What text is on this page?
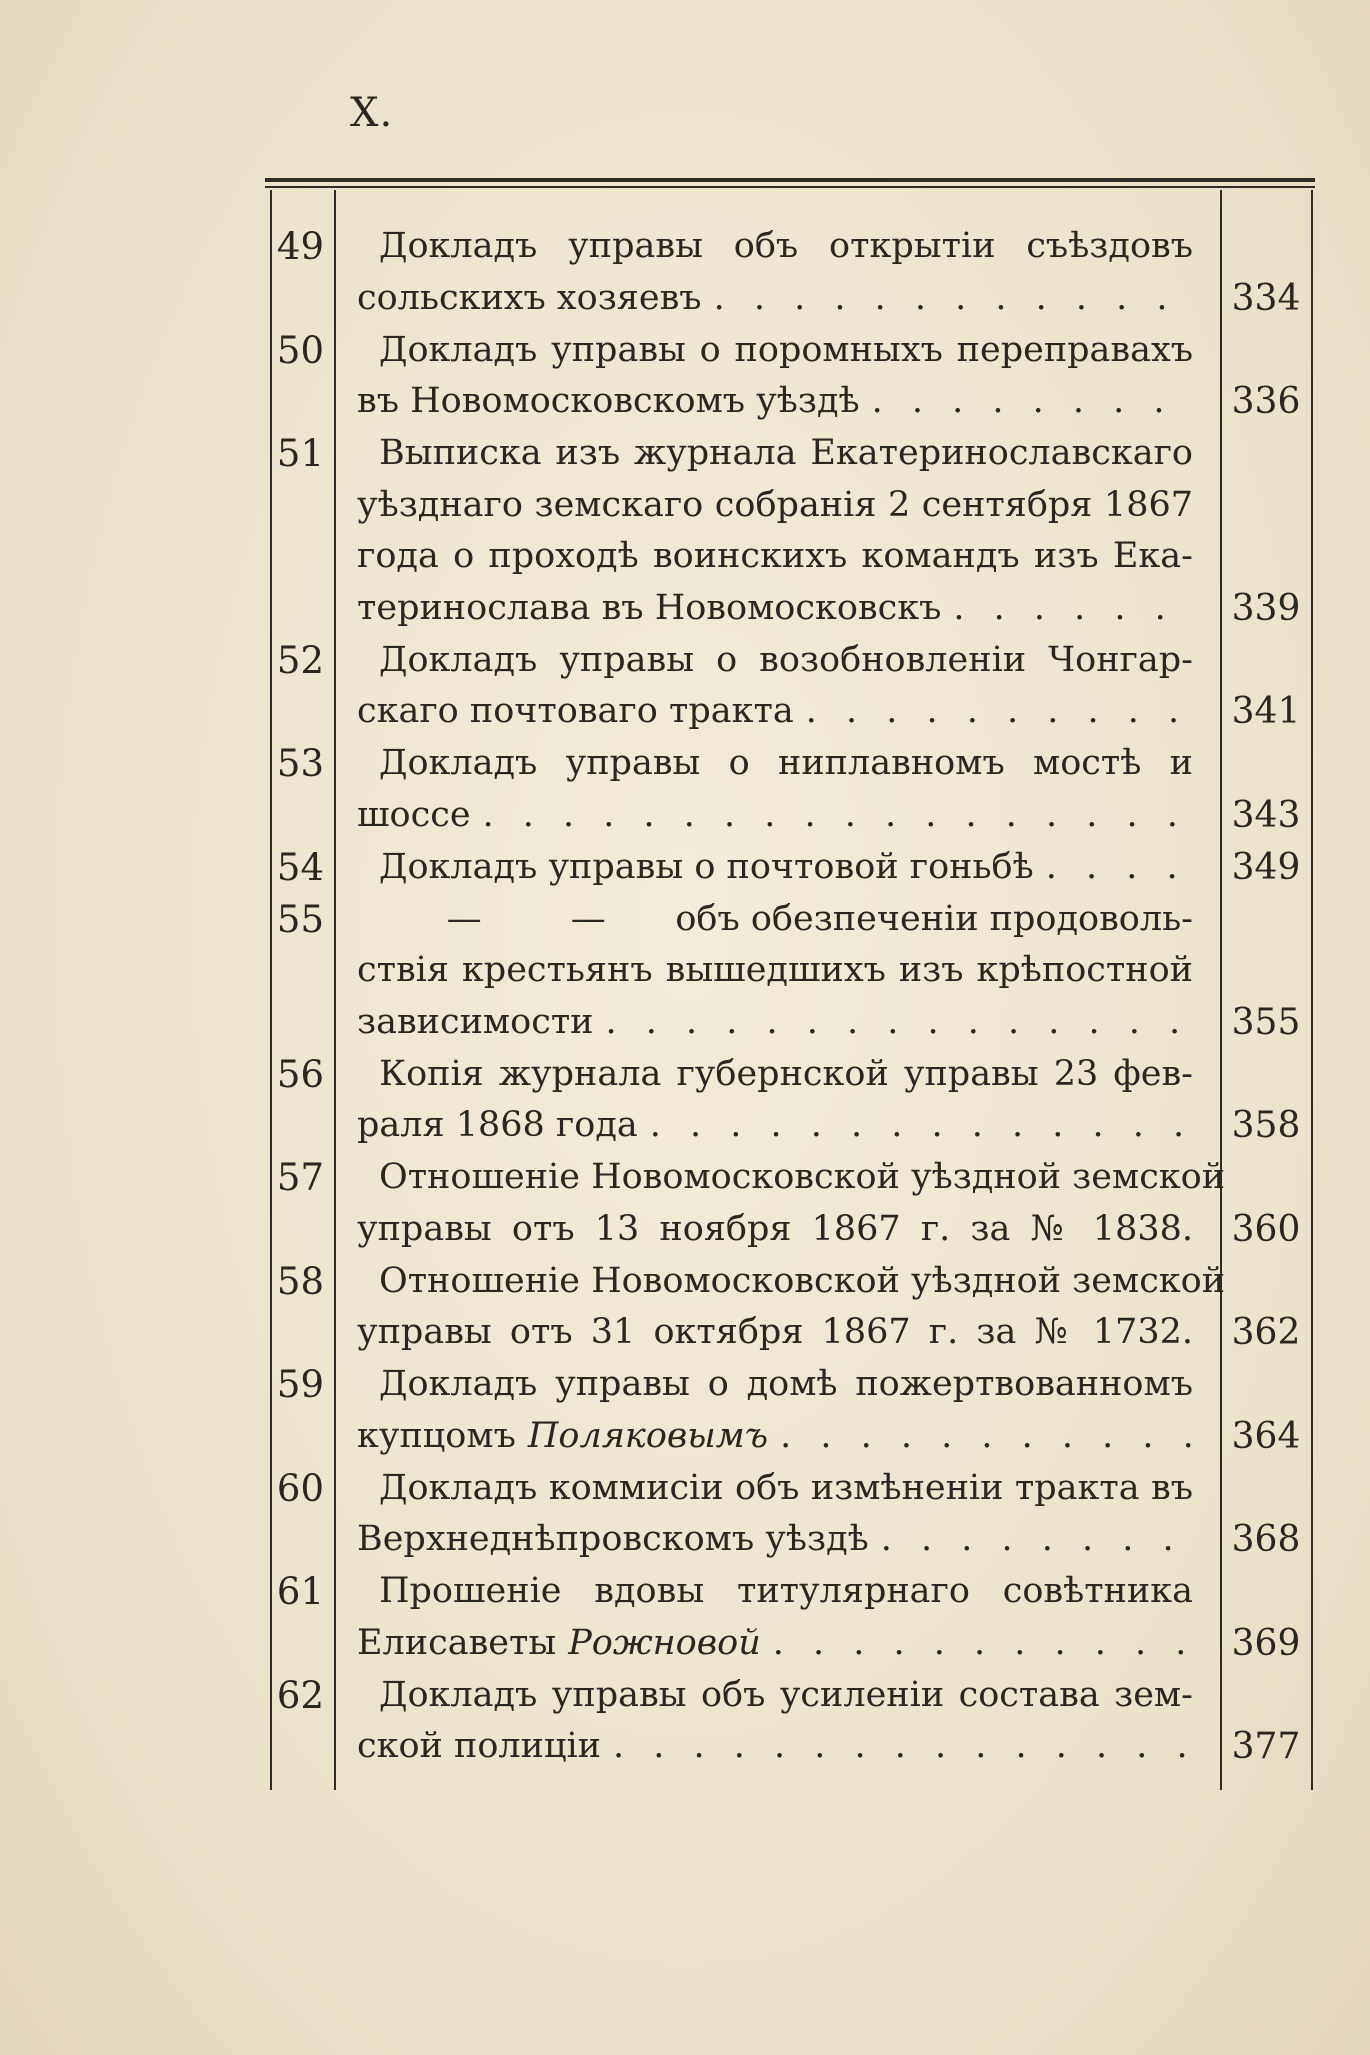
X.
49 Докладъ управы объ открытіи съѣздовъ
сольскихъ хозяевъ . . .	334
50 Докладъ управы о поромныхъ переправахъ
въ Новомосковскомъ уѣздѣ . . .	336
51 Выписка изъ журнала Екатеринославскаго
уѣзднаго земскаго собранія 2 сентября 1867
года о проходѣ воинскихъ командъ изъ Ека-
теринослава въ Новомосковскъ . . .	339
52 Докладъ управы о возобновленіи Чонгар-
скаго почтоваго тракта . . .	341
53 Докладъ управы о ниплавномъ мостѣ и
шоссе . . .	343
54 Докладъ управы о почтовой гоньбѣ . . .	349
55	—	—	объ обезпеченіи продоволь-
ствія крестьянъ вышедшихъ изъ крѣпостной
зависимости . . .	355
56 Копія журнала губернской управы 23 фев-
раля 1868 года . . .	358
57 Отношеніе Новомосковской уѣздной земской
управы отъ 13 ноября 1867 г. за № 1838. 360
58 Отношеніе Новомосковской уѣздной земской
управы отъ 31 октября 1867 г. за № 1732. 362
59 Докладъ управы о домѣ пожертвованномъ
купцомъ Поляковымъ . . .	364
60 Докладъ коммисіи объ измѣненіи тракта въ
Верхнеднѣпровскомъ уѣздѣ . . .	368
61 Прошеніе вдовы титулярнаго совѣтника
Елисаветы Рожновой . . .	369
62 Докладъ управы объ усиленіи состава зем-
ской полиціи . . .	377
